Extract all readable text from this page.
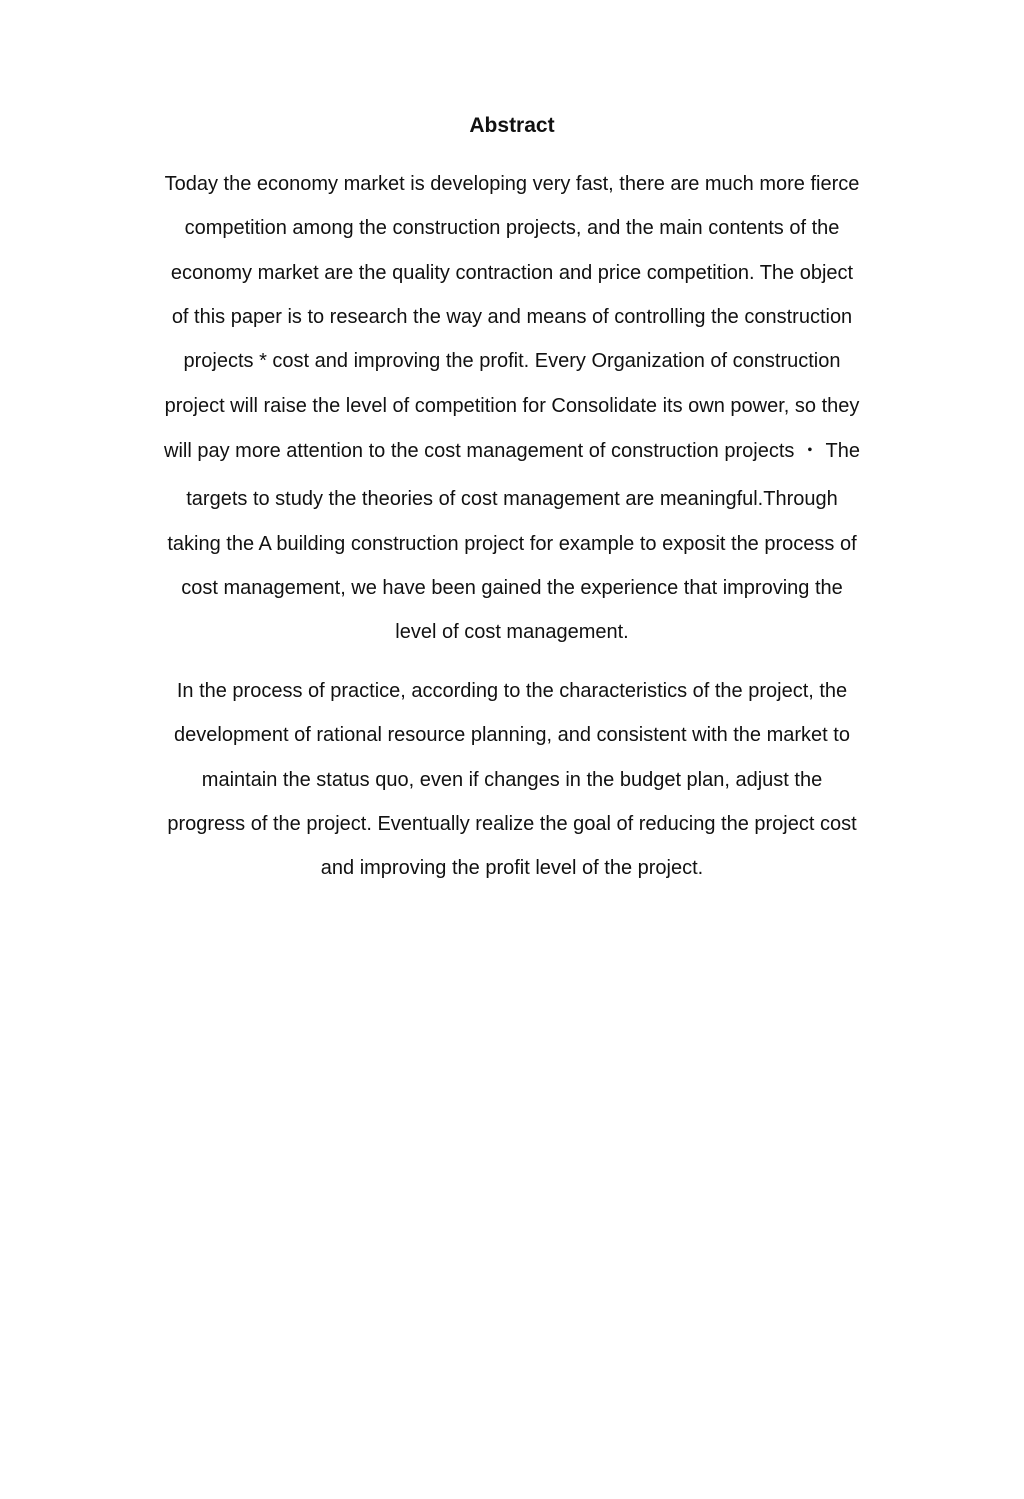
Abstract
Today the economy market is developing very fast, there are much more fierce
competition among the construction projects, and the main contents of the
economy market are the quality contraction and price competition. The object
of this paper is to research the way and means of controlling the construction
projects * cost and improving the profit. Every Organization of construction
project will raise the level of competition for Consolidate its own power, so they
will pay more attention to the cost management of construction projects ・ The
targets to study the theories of cost management are meaningful.Through
taking the A building construction project for example to exposit the process of
cost management, we have been gained the experience that improving the
level of cost management.
In the process of practice, according to the characteristics of the project, the
development of rational resource planning, and consistent with the market to
maintain the status quo, even if changes in the budget plan, adjust the
progress of the project. Eventually realize the goal of reducing the project cost
and improving the profit level of the project.
